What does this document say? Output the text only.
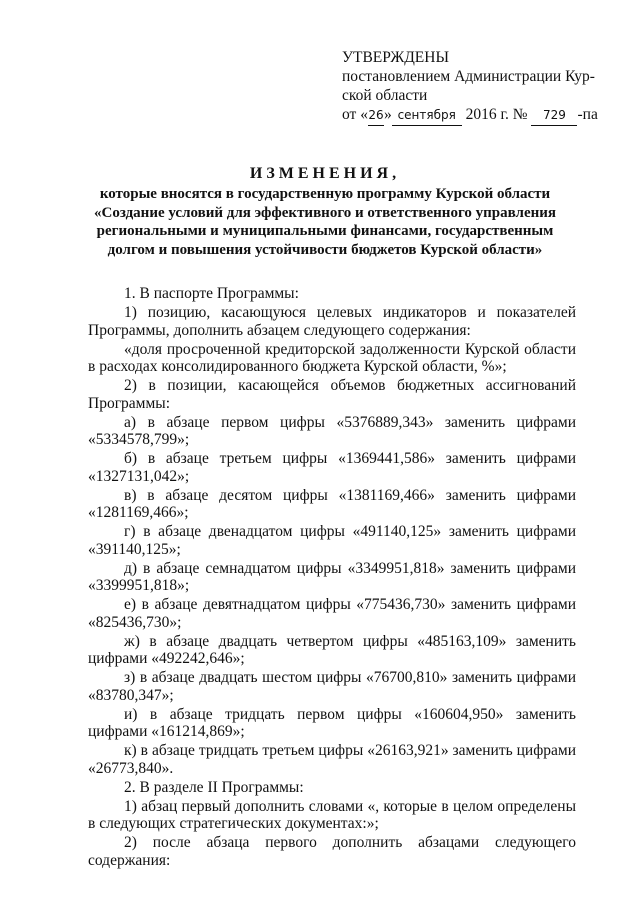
УТВЕРЖДЕНЫ
постановлением Администрации Кур-
ской области
от «26» сентября 2016 г. № 729 -па
ИЗМЕНЕНИЯ,
которые вносятся в государственную программу Курской области
«Создание условий для эффективного и ответственного управления
региональными и муниципальными финансами, государственным
долгом и повышения устойчивости бюджетов Курской области»

1. В паспорте Программы:

1) позицию, касающуюся целевых индикаторов и показателей Программы, дополнить абзацем следующего содержания:

«доля просроченной кредиторской задолженности Курской области в расходах консолидированного бюджета Курской области, %»;

2) в позиции, касающейся объемов бюджетных ассигнований Программы:

а) в абзаце первом цифры «5376889,343» заменить цифрами «5334578,799»;

б) в абзаце третьем цифры «1369441,586» заменить цифрами «1327131,042»;

в) в абзаце десятом цифры «1381169,466» заменить цифрами «1281169,466»;

г) в абзаце двенадцатом цифры «491140,125» заменить цифрами «391140,125»;

д) в абзаце семнадцатом цифры «3349951,818» заменить цифрами «3399951,818»;

е) в абзаце девятнадцатом цифры «775436,730» заменить цифрами «825436,730»;

ж) в абзаце двадцать четвертом цифры «485163,109» заменить цифрами «492242,646»;

з) в абзаце двадцать шестом цифры «76700,810» заменить цифрами «83780,347»;

и) в абзаце тридцать первом цифры «160604,950» заменить цифрами «161214,869»;

к) в абзаце тридцать третьем цифры «26163,921» заменить цифрами «26773,840».

2. В разделе II Программы:

1) абзац первый дополнить словами «, которые в целом определены в следующих стратегических документах:»;

2) после абзаца первого дополнить абзацами следующего содержания:
